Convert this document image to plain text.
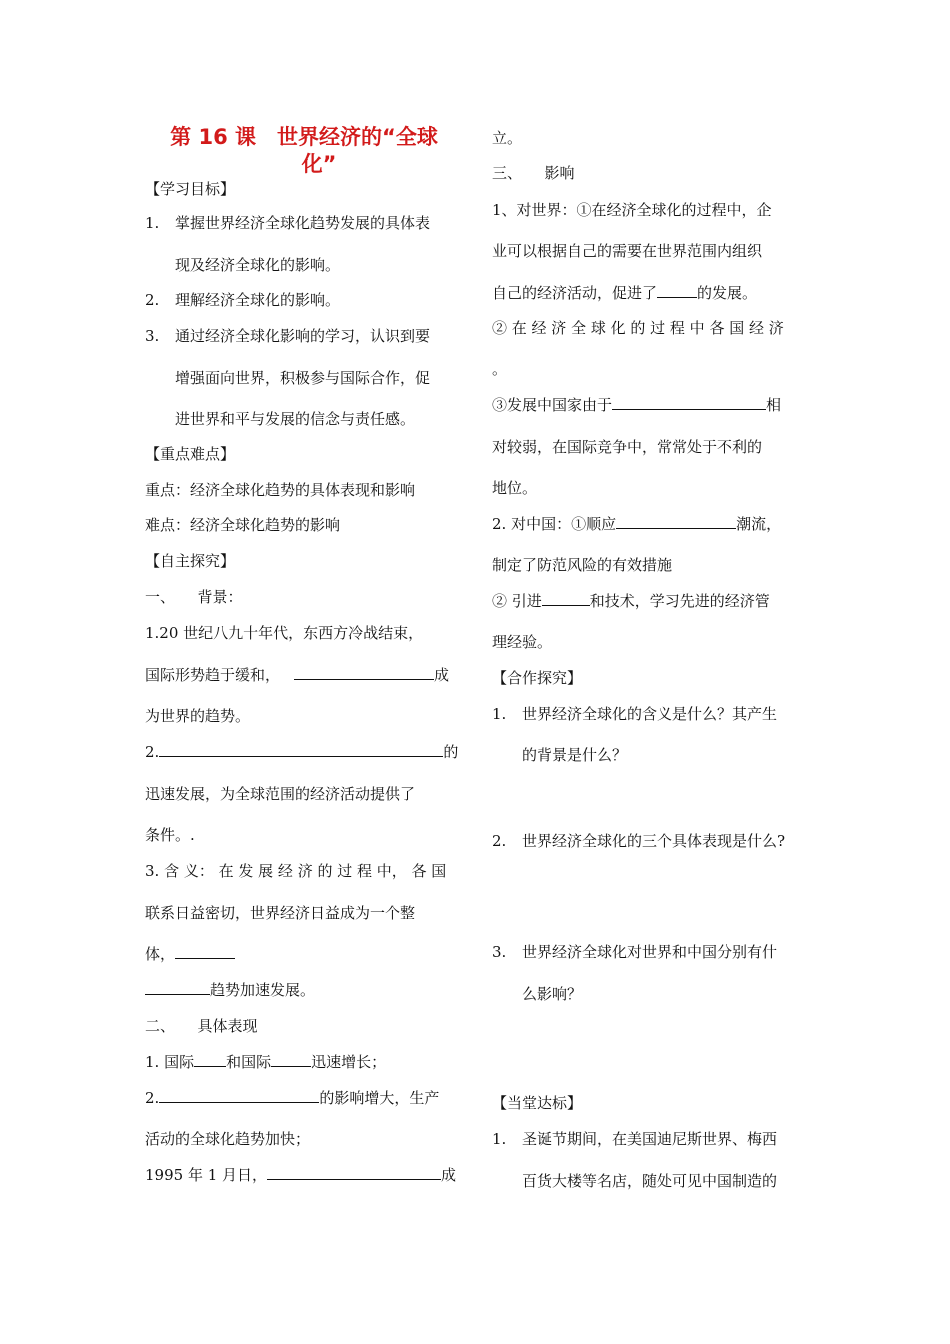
第 16 课　世界经济的“全球
化”
【学习目标】
1. 掌握世界经济全球化趋势发展的具体表
现及经济全球化的影响。
2. 理解经济全球化的影响。
3. 通过经济全球化影响的学习，认识到要
增强面向世界，积极参与国际合作，促
进世界和平与发展的信念与责任感。
【重点难点】
重点：经济全球化趋势的具体表现和影响
难点：经济全球化趋势的影响
【自主探究】
一、　　背景：
1.20 世纪八九十年代，东西方冷战结束，
国际形势趋于缓和，	成
为世界的趋势。
2.	的
迅速发展，为全球范围的经济活动提供了
条件。.
3. 含 义： 在 发 展 经 济 的 过 程 中， 各 国
联系日益密切，世界经济日益成为一个整
体，
趋势加速发展。
二、　　具体表现
1. 国际 和国际	迅速增长；
2.	的影响增大，生产
活动的全球化趋势加快；
1995 年 1 月日，	成
立。
三、　　影响
1、对世界：①在经济全球化的过程中，企
业可以根据自己的需要在世界范围内组织
自己的经济活动，促进了	的发展。
② 在 经 济 全 球 化 的 过 程 中 各 国 经 济
。
③发展中国家由于	相
对较弱，在国际竞争中，常常处于不利的
地位。
2. 对中国：①顺应	潮流，
制定了防范风险的有效措施
② 引进	和技术，学习先进的经济管
理经验。
【合作探究】
1. 世界经济全球化的含义是什么？其产生
的背景是什么？
2. 世界经济全球化的三个具体表现是什么?
3. 世界经济全球化对世界和中国分别有什
么影响？
【当堂达标】
1. 圣诞节期间，在美国迪尼斯世界、梅西
百货大楼等名店，随处可见中国制造的
